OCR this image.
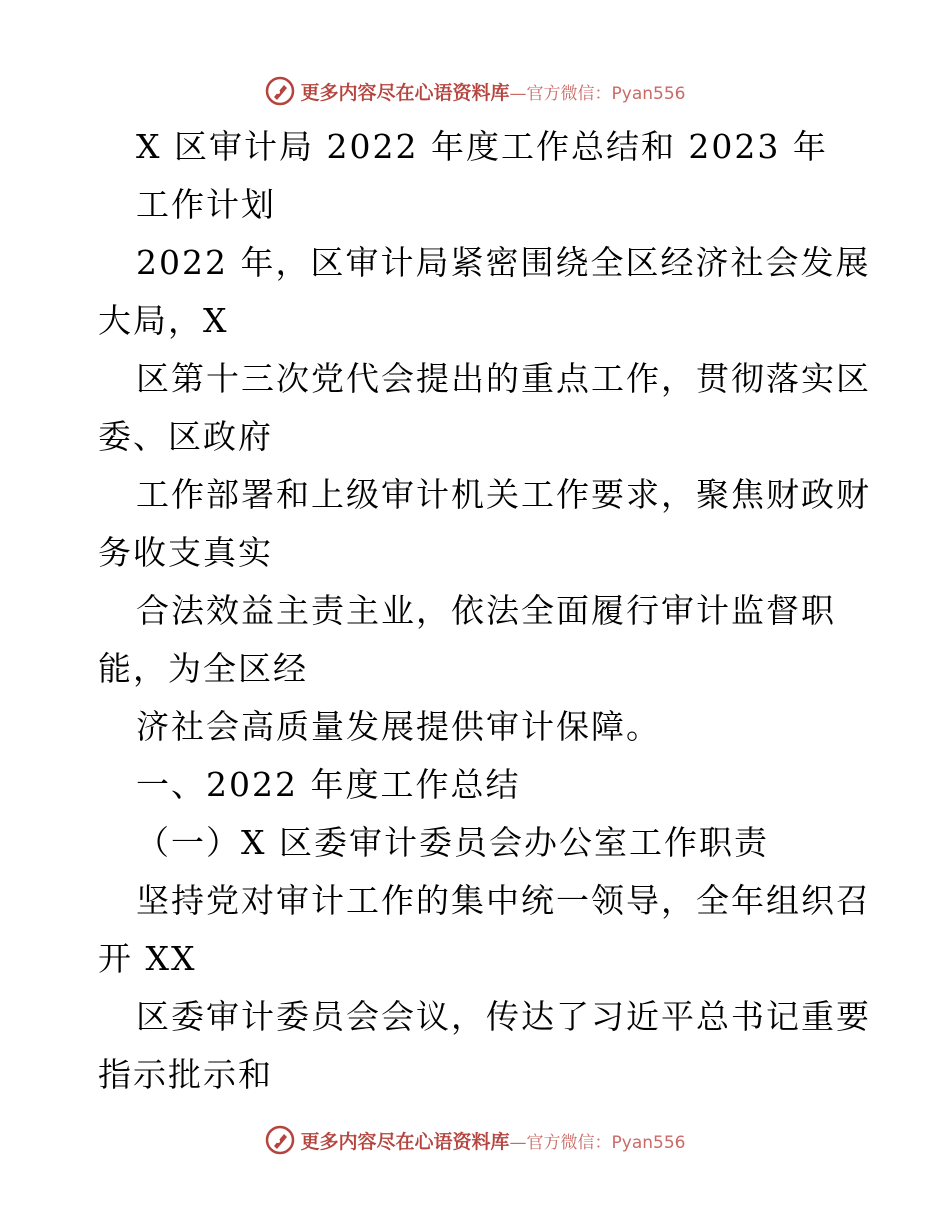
更多内容尽在心语资料库 —官方微信：Pyan556
X 区审计局 2022 年度工作总结和 2023 年
工作计划
2022 年，区审计局紧密围绕全区经济社会发展
大局，X
区第十三次党代会提出的重点工作，贯彻落实区
委、区政府
工作部署和上级审计机关工作要求，聚焦财政财
务收支真实
合法效益主责主业，依法全面履行审计监督职
能，为全区经
济社会高质量发展提供审计保障。
一、2022 年度工作总结
（一）X 区委审计委员会办公室工作职责
坚持党对审计工作的集中统一领导，全年组织召
开 XX
区委审计委员会会议，传达了习近平总书记重要
指示批示和
更多内容尽在心语资料库 —官方微信：Pyan556
